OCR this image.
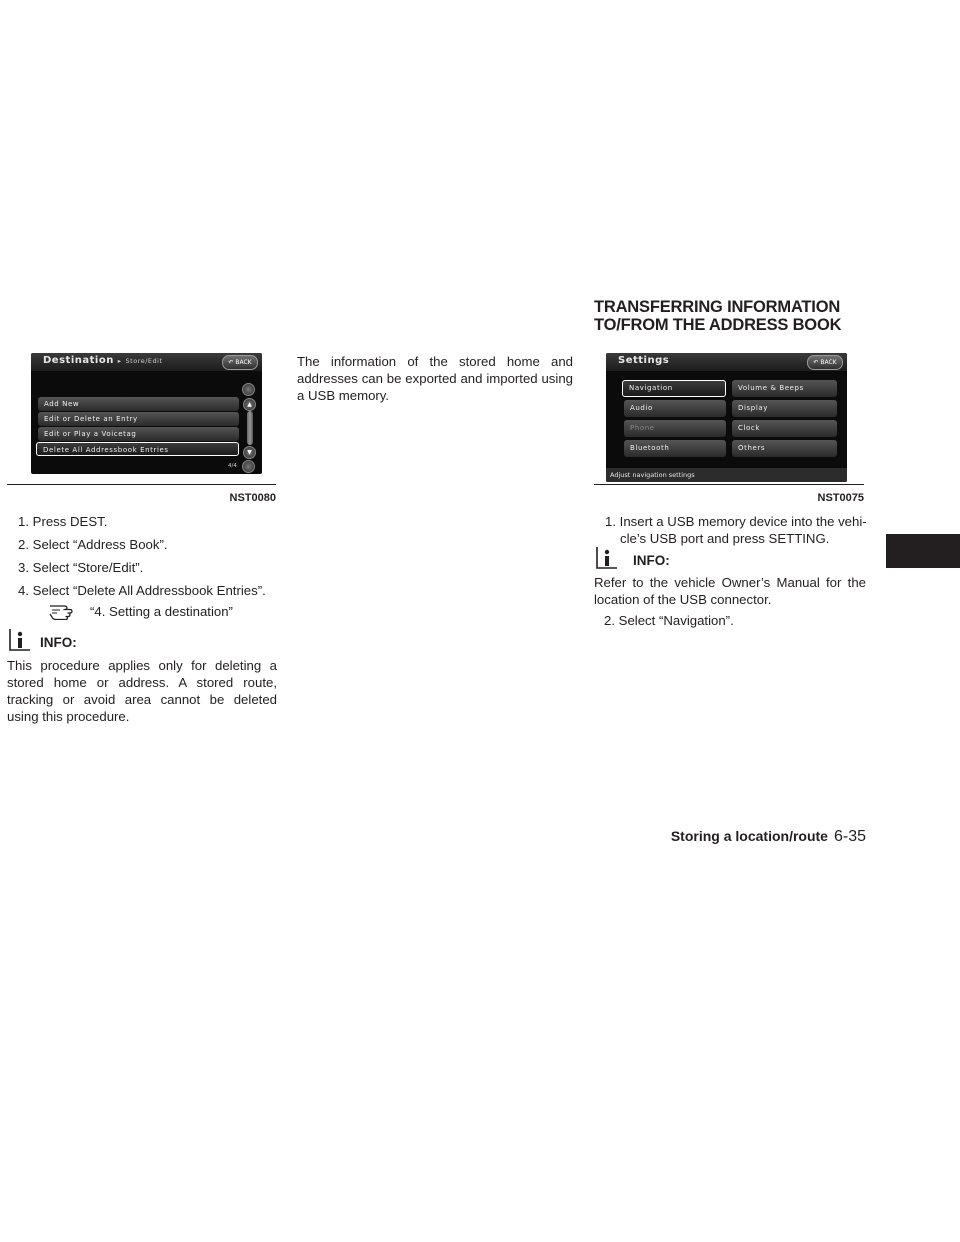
TRANSFERRING INFORMATION
TO/FROM THE ADDRESS BOOK
Destination ▸ Store/Edit	↶ BACK
Add New
Edit or Delete an Entry
Edit or Play a Voicetag
Delete All Addressbook Entries
▲
▼
4/4
NST0080
1. Press DEST.
2. Select “Address Book”.
3. Select “Store/Edit”.
4. Select “Delete All Addressbook Entries”.
“4. Setting a destination”
INFO:
This procedure applies only for deleting a stored home or address. A stored route, tracking or avoid area cannot be deleted using this procedure.
The information of the stored home and addresses can be exported and imported using a USB memory.
Settings	↶ BACK
Navigation
Audio
Phone
Bluetooth
Volume & Beeps
Display
Clock
Others
Adjust navigation settings
NST0075
1. Insert a USB memory device into the vehi-
cle’s USB port and press SETTING.
INFO:
Refer to the vehicle Owner’s Manual for the location of the USB connector.
2. Select “Navigation”.
Storing a location/route 6-35
